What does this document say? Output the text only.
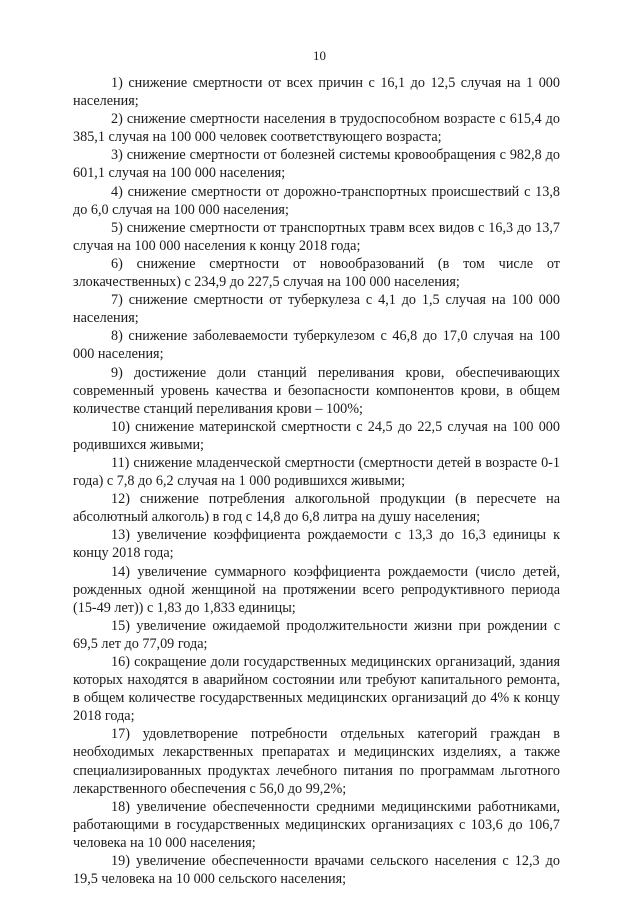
10

1) снижение смертности от всех причин с 16,1 до 12,5 случая на 1 000 населения;

2) снижение смертности населения в трудоспособном возрасте с 615,4 до 385,1 случая на 100 000 человек соответствующего возраста;

3) снижение смертности от болезней системы кровообращения с 982,8 до 601,1 случая на 100 000 населения;

4) снижение смертности от дорожно-транспортных происшествий с 13,8 до 6,0 случая на 100 000 населения;

5) снижение смертности от транспортных травм всех видов с 16,3 до 13,7 случая на 100 000 населения к концу 2018 года;

6) снижение смертности от новообразований (в том числе от злокачественных) с 234,9 до 227,5 случая на 100 000 населения;

7) снижение смертности от туберкулеза с 4,1 до 1,5 случая на 100 000 населения;

8) снижение заболеваемости туберкулезом с 46,8 до 17,0 случая на 100 000 населения;

9) достижение доли станций переливания крови, обеспечивающих современный уровень качества и безопасности компонентов крови, в общем количестве станций переливания крови – 100%;

10) снижение материнской смертности с 24,5 до 22,5 случая на 100 000 родившихся живыми;

11) снижение младенческой смертности (смертности детей в возрасте 0-1 года) с 7,8 до 6,2 случая на 1 000 родившихся живыми;

12) снижение потребления алкогольной продукции (в пересчете на абсолютный алкоголь) в год с 14,8 до 6,8 литра на душу населения;

13) увеличение коэффициента рождаемости с 13,3 до 16,3 единицы к концу 2018 года;

14) увеличение суммарного коэффициента рождаемости (число детей, рожденных одной женщиной на протяжении всего репродуктивного периода (15-49 лет)) с 1,83 до 1,833 единицы;

15) увеличение ожидаемой продолжительности жизни при рождении с 69,5 лет до 77,09 года;

16) сокращение доли государственных медицинских организаций, здания которых находятся в аварийном состоянии или требуют капитального ремонта, в общем количестве государственных медицинских организаций до 4% к концу 2018 года;

17) удовлетворение потребности отдельных категорий граждан в необходимых лекарственных препаратах и медицинских изделиях, а также специализированных продуктах лечебного питания по программам льготного лекарственного обеспечения с 56,0 до 99,2%;

18) увеличение обеспеченности средними медицинскими работниками, работающими в государственных медицинских организациях с 103,6 до 106,7 человека на 10 000 населения;

19) увеличение обеспеченности врачами сельского населения с 12,3 до 19,5 человека на 10 000 сельского населения;
